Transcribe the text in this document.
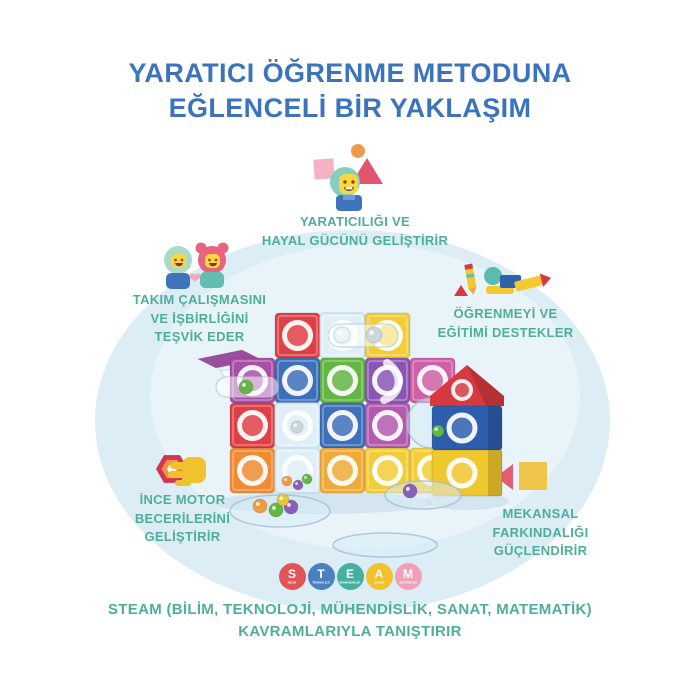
YARATICI ÖĞRENME METODUNA
EĞLENCELİ BİR YAKLAŞIM
YARATICILIĞI VE
HAYAL GÜCÜNÜ GELİŞTİRİR
TAKIM ÇALIŞMASINI
VE İŞBİRLİĞİNİ
TEŞVİK EDER
ÖĞRENMEYİ VE
EĞİTİMİ DESTEKLER
İNCE MOTOR
BECERİLERİNİ
GELİŞTİRİR
MEKANSAL
FARKINDALIĞI
GÜÇLENDİRİR
S
BİLİM
T
TEKNOLOJİ
E
MÜHENDİSLİK
A
SANAT
M
MATEMATİK
STEAM (BİLİM, TEKNOLOJİ, MÜHENDİSLİK, SANAT, MATEMATİK)
KAVRAMLARIYLA TANIŞTIRIR
